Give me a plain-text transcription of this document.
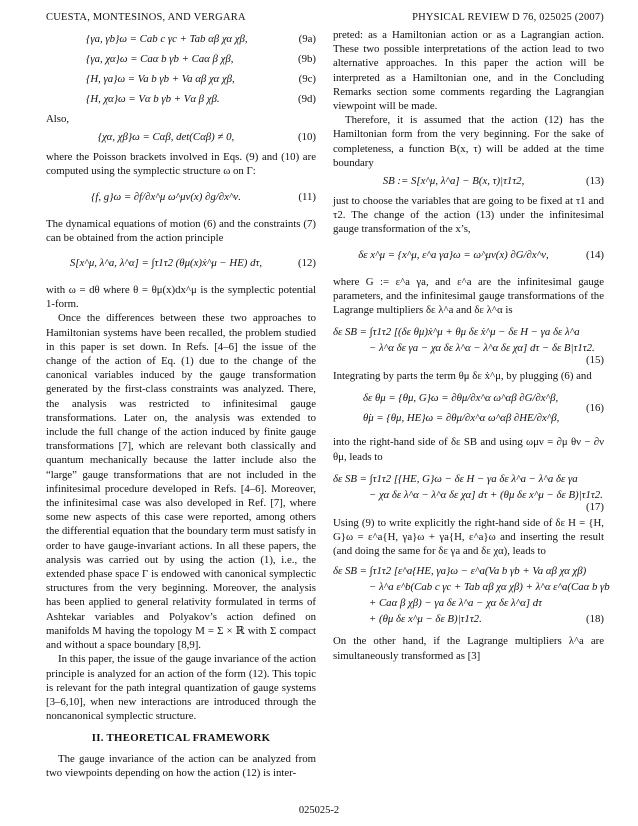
CUESTA, MONTESINOS, AND VERGARA	PHYSICAL REVIEW D 76, 025025 (2007)
{γa, γb}ω = Cab c γc + Tab αβ χα χβ,	(9a)
{γa, χα}ω = Caα b γb + Caα β χβ,	(9b)
{H, γa}ω = Va b γb + Va αβ χα χβ,	(9c)
{H, χα}ω = Vα b γb + Vα β χβ.	(9d)

Also,

{χα, χβ}ω = Cαβ, det(Cαβ) ≠ 0,	(10)

where the Poisson brackets involved in Eqs. (9) and (10) are computed using the symplectic structure ω on Γ:

{f, g}ω = ∂f/∂x^μ ω^μν(x) ∂g/∂x^ν.	(11)

The dynamical equations of motion (6) and the constraints (7) can be obtained from the action principle

S[x^μ, λ^a, λ^α] = ∫τ1τ2 (θμ(x)ẋ^μ − HE) dτ,	(12)

with ω = dθ where θ = θμ(x)dx^μ is the symplectic potential 1-form.

Once the differences between these two approaches to Hamiltonian systems have been recalled, the problem studied in this paper is set down. In Refs. [4–6] the issue of the change of the action of Eq. (1) due to the change of the canonical variables induced by the gauge transformation generated by the first-class constraints was analyzed. There, the analysis was restricted to infinitesimal gauge transformations. Later on, the analysis was extended to include the full change of the action induced by finite gauge transformations [7], which are relevant both classically and quantum mechanically because the latter include also the “large” gauge transformations that are not included in the infinitesimal procedure developed in Refs. [4–6]. Moreover, the infinitesimal case was also developed in Ref. [7], where some new aspects of this case were reported, among others the differential equation that the boundary term must satisfy in order to have gauge-invariant actions. In all these papers, the analysis was carried out by using the action (1), i.e., the extended phase space Γ is endowed with canonical symplectic structures from the very beginning. Moreover, the analysis has been applied to general relativity formulated in terms of Ashtekar variables and Polyakov’s action defined on manifolds M having the topology M = Σ × ℝ with Σ compact and without a space boundary [8,9].

In this paper, the issue of the gauge invariance of the action principle is analyzed for an action of the form (12). This topic is relevant for the path integral quantization of gauge systems [3–6,10], when new interactions are introduced through the noncanonical symplectic structure.

II. THEORETICAL FRAMEWORK

The gauge invariance of the action can be analyzed from two viewpoints depending on how the action (12) is inter-

preted: as a Hamiltonian action or as a Lagrangian action. These two possible interpretations of the action lead to two alternative approaches. In this paper the action will be interpreted as a Hamiltonian one, and in the Concluding Remarks section some comments regarding the Lagrangian viewpoint will be made.

Therefore, it is assumed that the action (12) has the Hamiltonian form from the very beginning. For the sake of completeness, a function B(x, τ) will be added at the time boundary

SB := S[x^μ, λ^a] − B(x, τ)|τ1τ2,	(13)

just to choose the variables that are going to be fixed at τ1 and τ2. The change of the action (13) under the infinitesimal gauge transformation of the x’s,

δε x^μ = {x^μ, ε^a γa}ω = ω^μν(x) ∂G/∂x^ν,	(14)

where G := ε^a γa, and ε^a are the infinitesimal gauge parameters, and the infinitesimal gauge transformations of the Lagrange multipliers δε λ^a and δε λ^α is

δε SB = ∫τ1τ2 [(δε θμ)ẋ^μ + θμ δε ẋ^μ − δε H − γa δε λ^a
− λ^α δε γa − χα δε λ^α − λ^α δε χα] dτ − δε B|τ1τ2.
(15)

Integrating by parts the term θμ δε ẋ^μ, by plugging (6) and

δε θμ = {θμ, G}ω = ∂θμ/∂x^α ω^αβ ∂G/∂x^β,
θ̇μ = {θμ, HE}ω = ∂θμ/∂x^α ω^αβ ∂HE/∂x^β,
(16)

into the right-hand side of δε SB and using ωμν = ∂μ θν − ∂ν θμ, leads to

δε SB = ∫τ1τ2 [{HE, G}ω − δε H − γa δε λ^a − λ^a δε γa
− χα δε λ^α − λ^α δε χα] dτ + (θμ δε x^μ − δε B)|τ1τ2.
(17)

Using (9) to write explicitly the right-hand side of δε H = {H, G}ω = ε^a{H, γa}ω + γa{H, ε^a}ω and inserting the result (and doing the same for δε γa and δε χα), leads to

δε SB = ∫τ1τ2 [ε^a{HE, γa}ω − ε^a(Va b γb + Va αβ χα χβ)
− λ^a ε^b(Cab c γc + Tab αβ χα χβ) + λ^α ε^a(Caα b γb
+ Caα β χβ) − γa δε λ^a − χα δε λ^α] dτ
+ (θμ δε x^μ − δε B)|τ1τ2.	(18)

On the other hand, if the Lagrange multipliers λ^a are simultaneously transformed as [3]

025025-2
